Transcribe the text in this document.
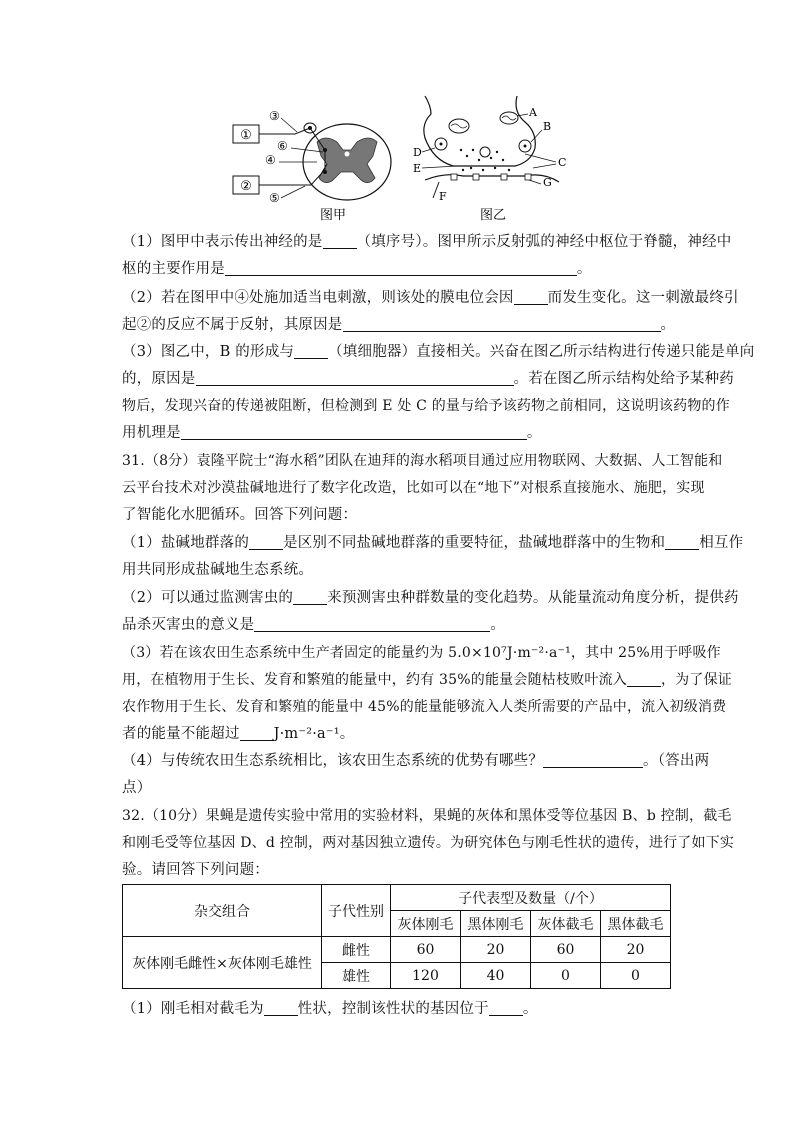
①
②
③
④
⑥
⑤
图甲
A
B
C
D
E
F
G
图乙
（1）图甲中表示传出神经的是 （填序号）。图甲所示反射弧的神经中枢位于脊髓，神经中
枢的主要作用是	。
（2）若在图甲中④处施加适当电刺激，则该处的膜电位会因 而发生变化。这一刺激最终引
起②的反应不属于反射，其原因是	。
（3）图乙中，B 的形成与 （填细胞器）直接相关。兴奋在图乙所示结构进行传递只能是单向
的，原因是	。若在图乙所示结构处给予某种药
物后，发现兴奋的传递被阻断，但检测到 E 处 C 的量与给予该药物之前相同，这说明该药物的作
用机理是	。
31.（8分）袁隆平院士“海水稻”团队在迪拜的海水稻项目通过应用物联网、大数据、人工智能和
云平台技术对沙漠盐碱地进行了数字化改造，比如可以在“地下”对根系直接施水、施肥，实现
了智能化水肥循环。回答下列问题：
（1）盐碱地群落的 是区别不同盐碱地群落的重要特征，盐碱地群落中的生物和 相互作
用共同形成盐碱地生态系统。
（2）可以通过监测害虫的 来预测害虫种群数量的变化趋势。从能量流动角度分析，提供药
品杀灭害虫的意义是	。
（3）若在该农田生态系统中生产者固定的能量约为 5.0×10⁷J·m⁻²·a⁻¹，其中 25%用于呼吸作
用，在植物用于生长、发育和繁殖的能量中，约有 35%的能量会随枯枝败叶流入 ，为了保证
农作物用于生长、发育和繁殖的能量中 45%的能量能够流入人类所需要的产品中，流入初级消费
者的能量不能超过 J·m⁻²·a⁻¹。
（4）与传统农田生态系统相比，该农田生态系统的优势有哪些？	。（答出两
点）
32.（10分）果蝇是遗传实验中常用的实验材料，果蝇的灰体和黑体受等位基因 B、b 控制，截毛
和刚毛受等位基因 D、d 控制，两对基因独立遗传。为研究体色与刚毛性状的遗传，进行了如下实
验。请回答下列问题：
杂交组合	子代性别	子代表型及数量（/个）			
		灰体刚毛	黑体刚毛	灰体截毛	黑体截毛
灰体刚毛雌性×灰体刚毛雄性	雌性	60	20	60	20
	雄性	120	40	0	0
（1）刚毛相对截毛为 性状，控制该性状的基因位于 。
